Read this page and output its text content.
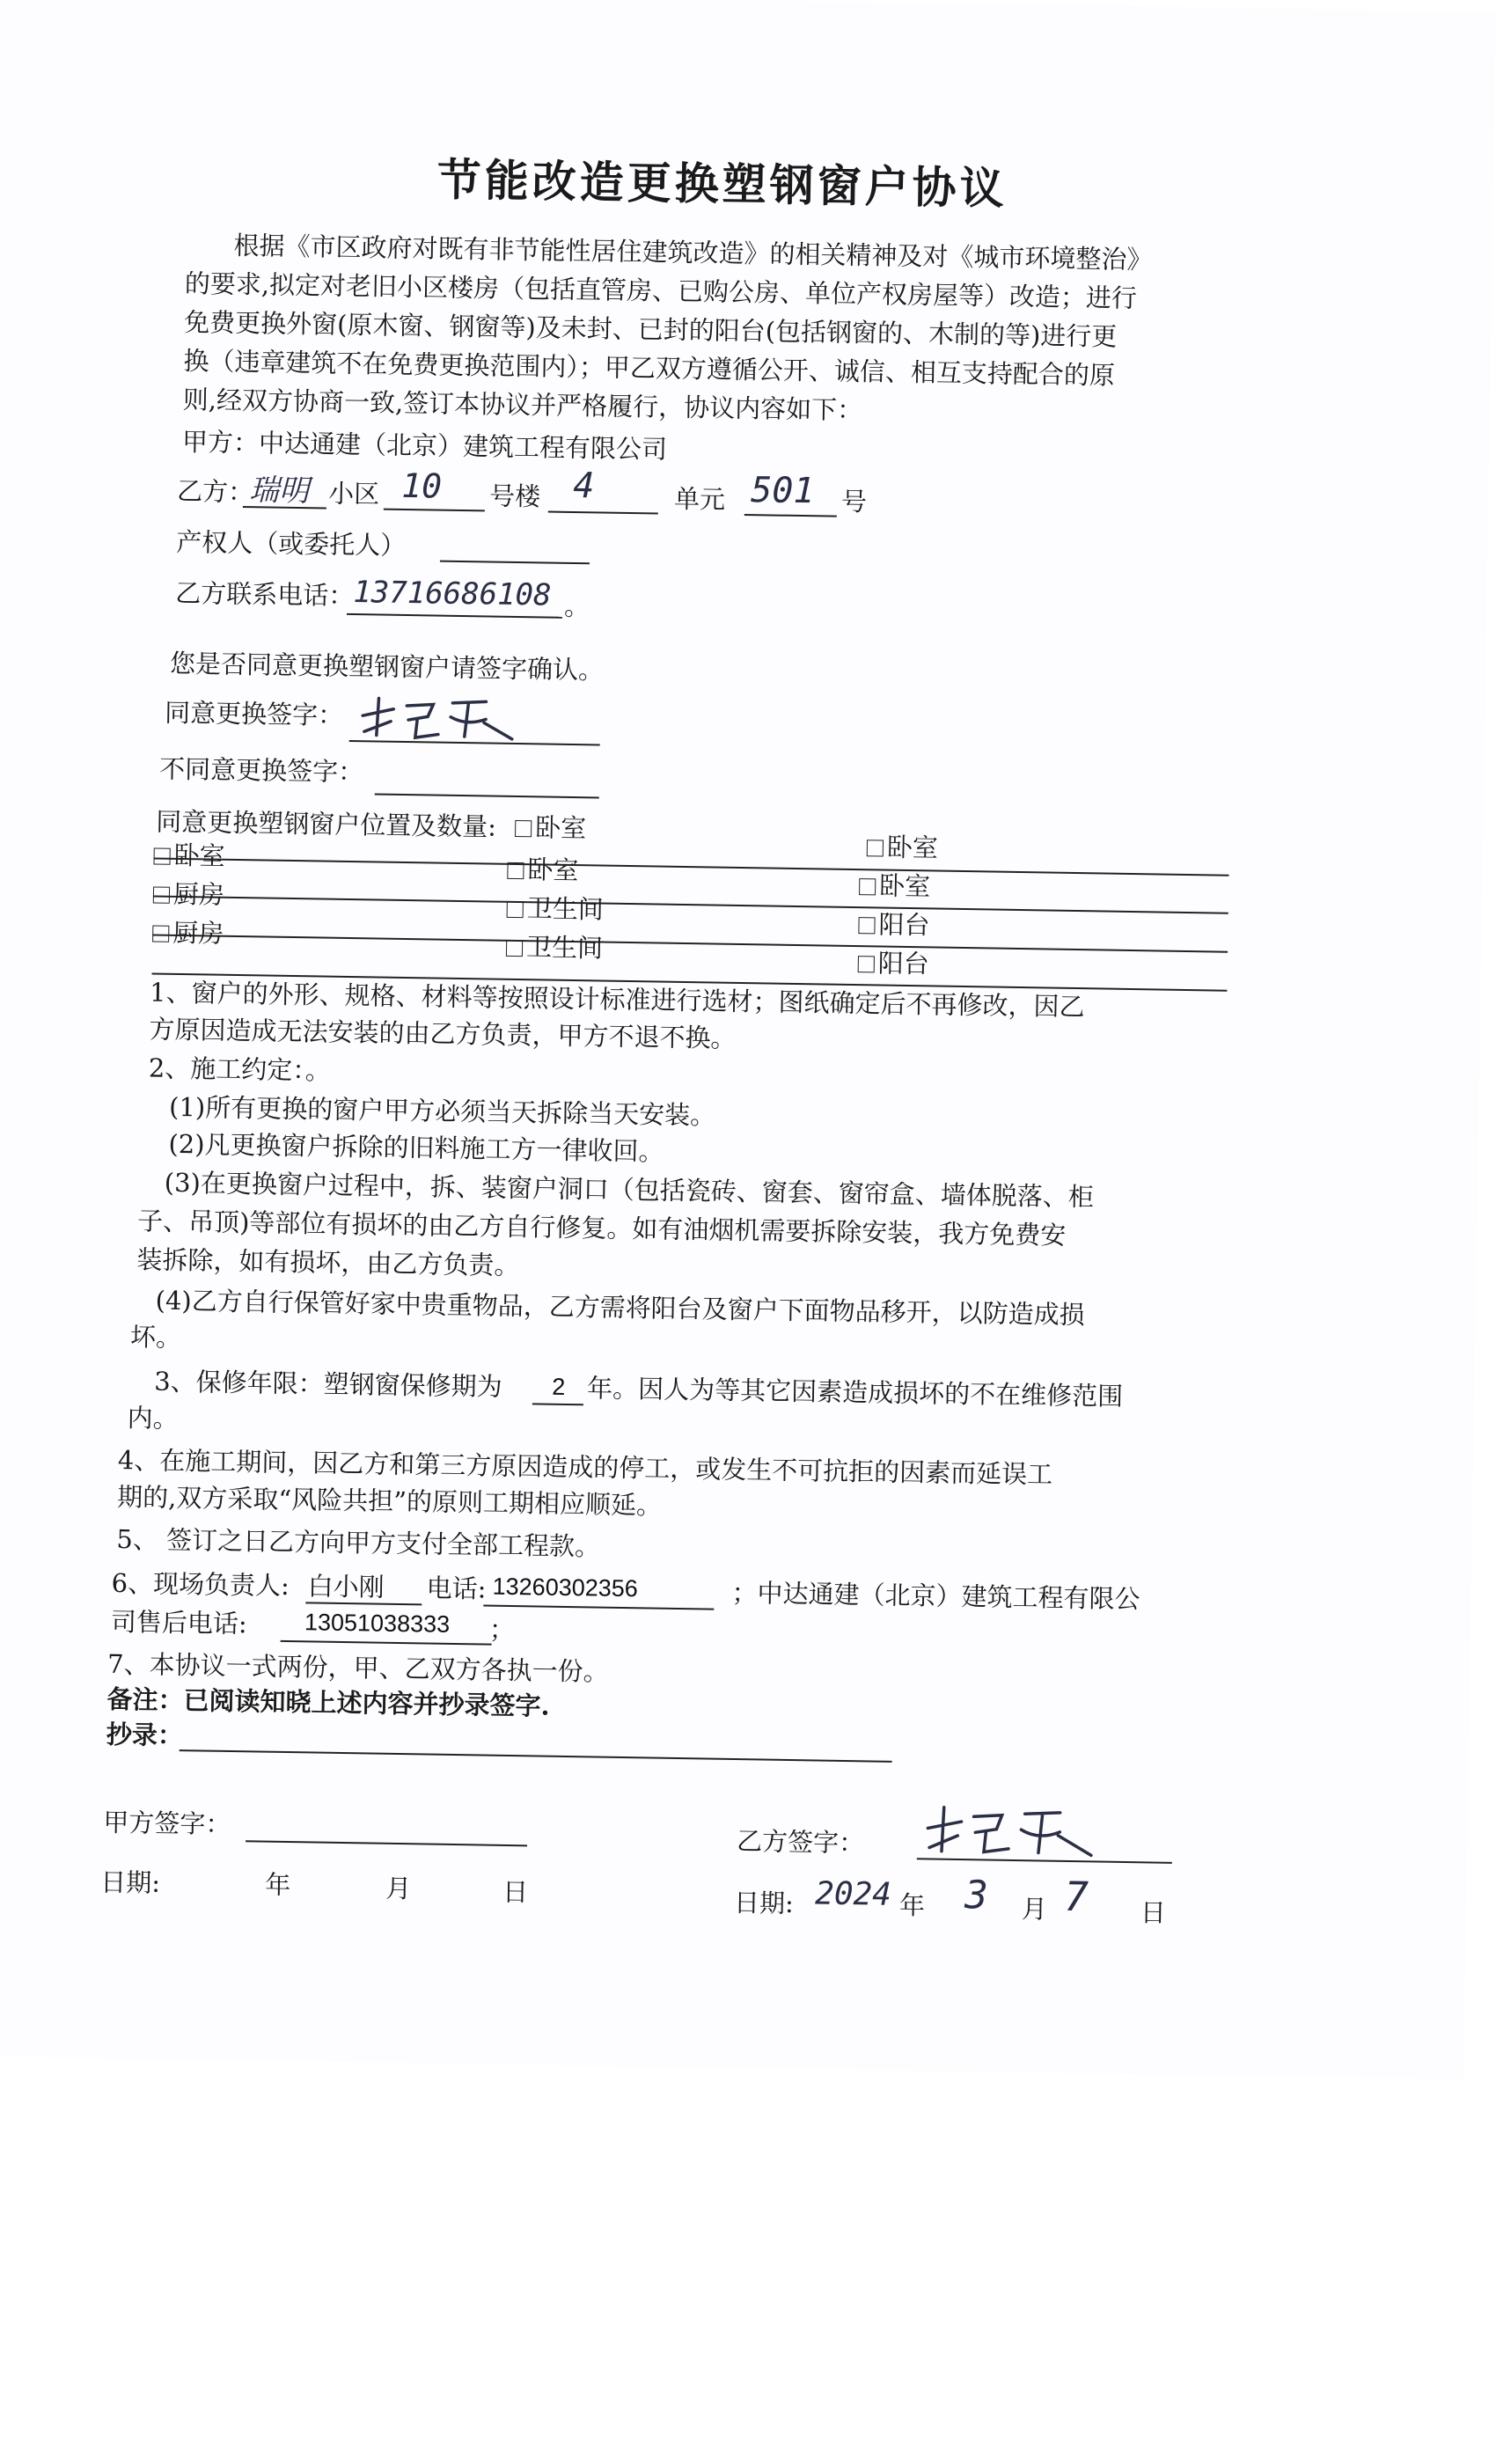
节能改造更换塑钢窗户协议
根据《市区政府对既有非节能性居住建筑改造》的相关精神及对《城市环境整治》
的要求,拟定对老旧小区楼房（包括直管房、已购公房、单位产权房屋等）改造；进行
免费更换外窗(原木窗、钢窗等)及未封、已封的阳台(包括钢窗的、木制的等)进行更
换（违章建筑不在免费更换范围内）；甲乙双方遵循公开、诚信、相互支持配合的原
则,经双方协商一致,签订本协议并严格履行，协议内容如下：
甲方：中达通建（北京）建筑工程有限公司
乙方：
瑞明 小区 10 号楼 4	单元 501 号
产权人（或委托人）
乙方联系电话：
13716686108 。
您是否同意更换塑钢窗户请签字确认。
同意更换签字：
不同意更换签字：
同意更换塑钢窗户位置及数量:	卧室
卧室
卧室	卧室
卧室
厨房	卫生间
阳台
厨房	卫生间
阳台
1、窗户的外形、规格、材料等按照设计标准进行选材；图纸确定后不再修改，因乙
方原因造成无法安装的由乙方负责，甲方不退不换。
2、施工约定：。
(1)所有更换的窗户甲方必须当天拆除当天安装。
(2)凡更换窗户拆除的旧料施工方一律收回。
(3)在更换窗户过程中，拆、装窗户洞口（包括瓷砖、窗套、窗帘盒、墙体脱落、柜
子、吊顶)等部位有损坏的由乙方自行修复。如有油烟机需要拆除安装，我方免费安
装拆除，如有损坏，由乙方负责。
(4)乙方自行保管好家中贵重物品，乙方需将阳台及窗户下面物品移开，以防造成损
坏。
3、保修年限：塑钢窗保修期为 2 年。因人为等其它因素造成损坏的不在维修范围
内。
4、在施工期间，因乙方和第三方原因造成的停工，或发生不可抗拒的因素而延误工
期的,双方采取“风险共担”的原则工期相应顺延。
5、 签订之日乙方向甲方支付全部工程款。
6、现场负责人: 白小刚 电话: 13260302356	；中达通建（北京）建筑工程有限公
司售后电话: 13051038333 ；
7、本协议一式两份，甲、乙双方各执一份。
备注：已阅读知晓上述内容并抄录签字.
抄录：
甲方签字：
乙方签字：
日期:	年	月	日	日期: 2024 年 3 月 7 日
